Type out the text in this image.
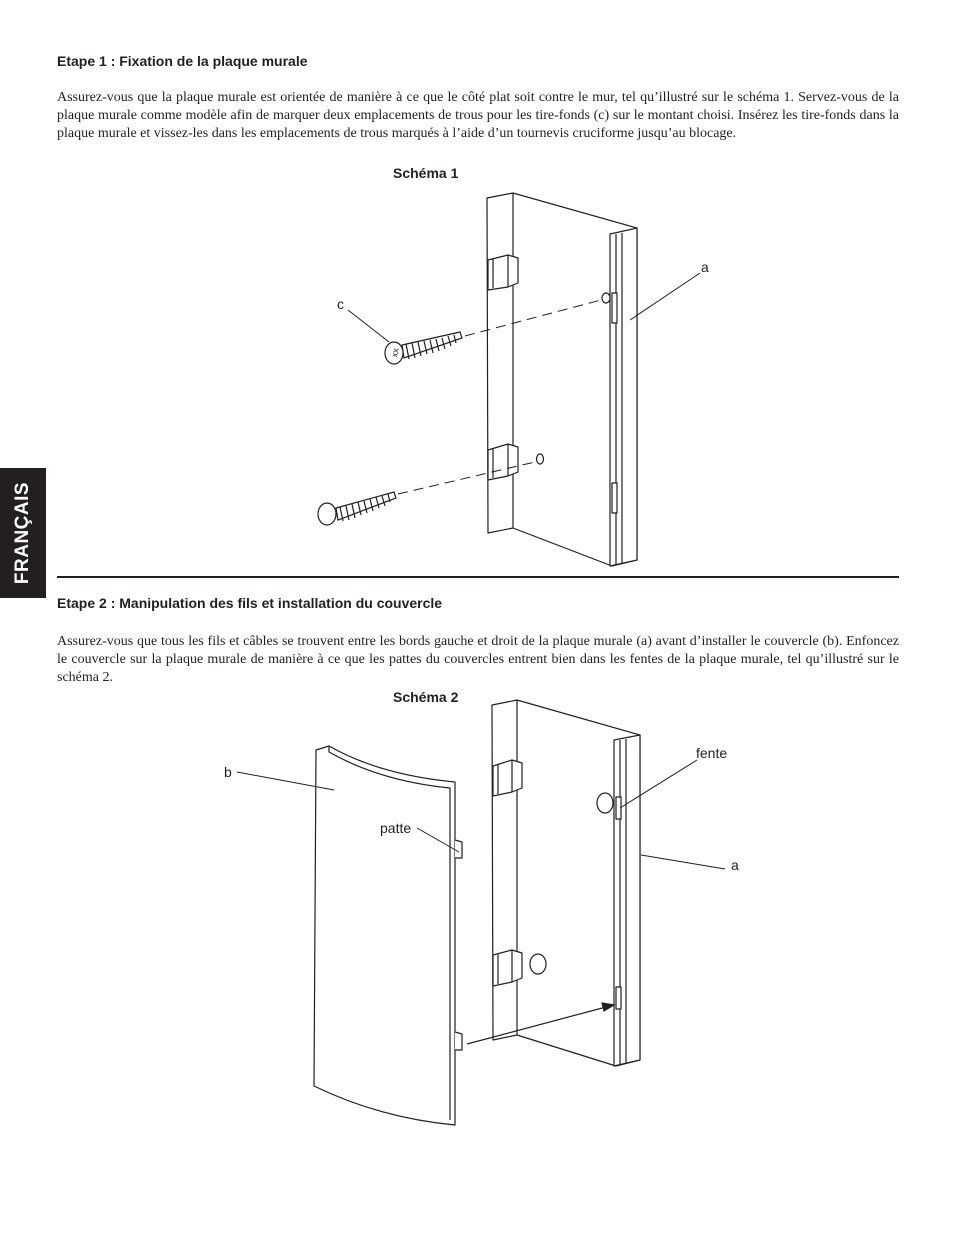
FRANÇAIS
Etape 1 : Fixation de la plaque murale

Assurez-vous que la plaque murale est orientée de manière à ce que le côté plat soit contre le mur, tel qu’illustré sur le schéma 1. Servez-vous de la plaque murale comme modèle afin de marquer deux emplacements de trous pour les tire-fonds (c) sur le montant choisi. Insérez les tire-fonds dans la plaque murale et vissez-les dans les emplacements de trous marqués à l’aide d’un tournevis cruciforme jusqu’au blocage.

Schéma 1
xx
c
a
Etape 2 : Manipulation des fils et installation du couvercle

Assurez-vous que tous les fils et câbles se trouvent entre les bords gauche et droit de la plaque murale (a) avant d’installer le couvercle (b). Enfoncez le couvercle sur la plaque murale de manière à ce que les pattes du couvercles entrent bien dans les fentes de la plaque murale, tel qu’illustré sur le schéma 2.

Schéma 2
b
patte
fente
a
